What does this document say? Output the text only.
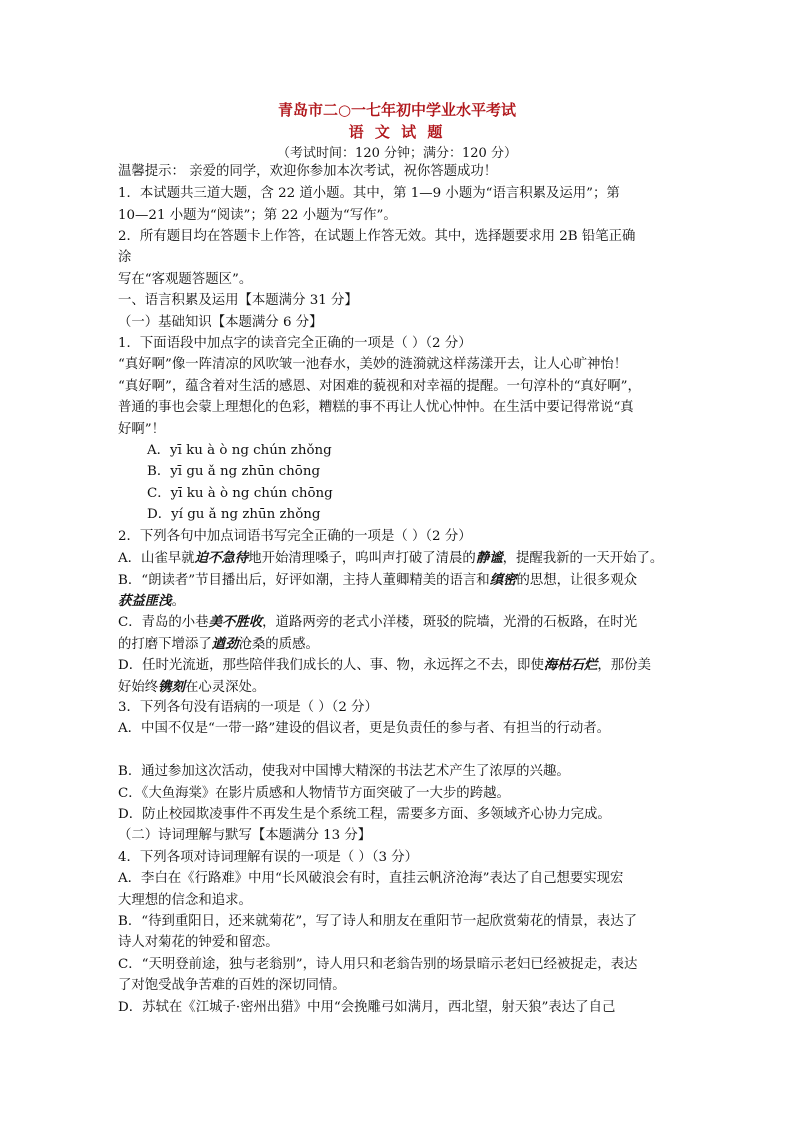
青岛市二○一七年初中学业水平考试
语 文 试 题
（考试时间：120 分钟；满分：120 分）
温馨提示： 亲爱的同学，欢迎你参加本次考试，祝你答题成功！
1．本试题共三道大题，含 22 道小题。其中，第 1—9 小题为“语言积累及运用”；第
10—21 小题为“阅读”；第 22 小题为“写作”。
2．所有题目均在答题卡上作答，在试题上作答无效。其中，选择题要求用 2B 铅笔正确
涂
写在“客观题答题区”。
一、语言积累及运用【本题满分 31 分】
（一）基础知识【本题满分 6 分】
1．下面语段中加点字的读音完全正确的一项是（ ）（2 分）
“真好啊”像一阵清凉的风吹皱一池春水，美妙的涟漪就这样荡漾开去，让人心旷神怡！
“真好啊”，蕴含着对生活的感恩、对困难的藐视和对幸福的提醒。一句淳朴的“真好啊”，
普通的事也会蒙上理想化的色彩，糟糕的事不再让人忧心忡忡。在生活中要记得常说“真
好啊”！
A．yī ku à ò ng chún zhǒng
B．yī gu ǎ ng zhūn chōng
C．yī ku à ò ng chún chōng
D．yí gu ǎ ng zhūn zhǒng
2．下列各句中加点词语书写完全正确的一项是（ ）（2 分）
A．山雀早就迫不急待地开始清理嗓子，呜叫声打破了清晨的静谧，提醒我新的一天开始了。
B．“朗读者”节目播出后，好评如潮，主持人董卿精美的语言和缜密的思想，让很多观众
获益匪浅。
C．青岛的小巷美不胜收，道路两旁的老式小洋楼，斑驳的院墙，光滑的石板路，在时光
的打磨下增添了遒劲沧桑的质感。
D．任时光流逝，那些陪伴我们成长的人、事、物，永远挥之不去，即使海枯石烂，那份美
好始终镌刻在心灵深处。
3．下列各句没有语病的一项是（ ）（2 分）
A．中国不仅是“一带一路”建设的倡议者，更是负责任的参与者、有担当的行动者。
B．通过参加这次活动，使我对中国博大精深的书法艺术产生了浓厚的兴趣。
C．《大鱼海棠》在影片质感和人物情节方面突破了一大步的跨越。
D．防止校园欺凌事件不再发生是个系统工程，需要多方面、多领域齐心协力完成。
（二）诗词理解与默写【本题满分 13 分】
4．下列各项对诗词理解有误的一项是（ ）（3 分）
A．李白在《行路难》中用“长风破浪会有时，直挂云帆济沧海”表达了自己想要实现宏
大理想的信念和追求。
B．“待到重阳日，还来就菊花”，写了诗人和朋友在重阳节一起欣赏菊花的情景，表达了
诗人对菊花的钟爱和留恋。
C．“天明登前途，独与老翁别”，诗人用只和老翁告别的场景暗示老妇已经被捉走，表达
了对饱受战争苦难的百姓的深切同情。
D．苏轼在《江城子·密州出猎》中用“会挽雕弓如满月，西北望，射天狼”表达了自己
